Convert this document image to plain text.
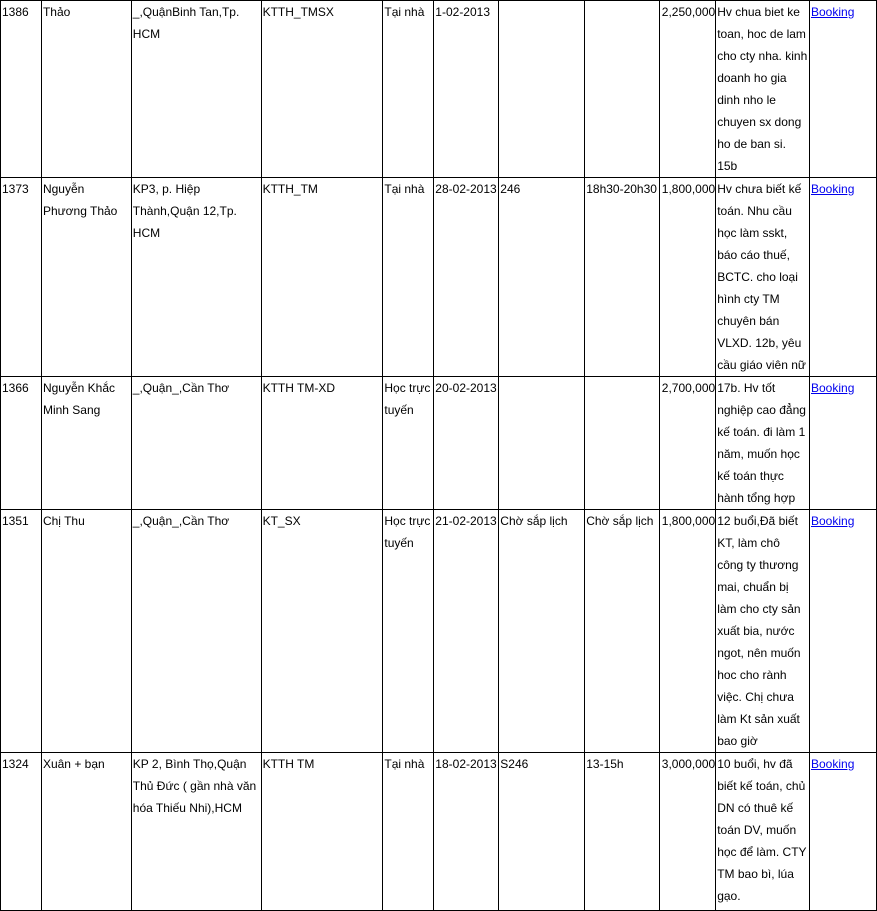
1386	Thảo	_,QuậnBinh Tan,Tp. HCM	KTTH_TMSX	Tại nhà	1-02-2013			2,250,000	Hv chua biet ke toan, hoc de lam cho cty nha. kinh doanh ho gia dinh nho le chuyen sx dong ho de ban si. 15b	Booking
1373	Nguyễn Phương Thảo	KP3, p. Hiệp Thành,Quận 12,Tp. HCM	KTTH_TM	Tại nhà	28-02-2013	246	18h30-20h30	1,800,000	Hv chưa biết kế toán. Nhu cầu học làm sskt, báo cáo thuế, BCTC. cho loại hình cty TM chuyên bán VLXD. 12b, yêu cầu giáo viên nữ	Booking
1366	Nguyễn Khắc Minh Sang	_,Quận_,Cần Thơ	KTTH TM-XD	Học trực tuyến	20-02-2013			2,700,000	17b. Hv tốt nghiệp cao đẳng kế toán. đi làm 1 năm, muốn học kế toán thực hành tổng hợp	Booking
1351	Chị Thu	_,Quận_,Cần Thơ	KT_SX	Học trực tuyến	21-02-2013	Chờ sắp lịch	Chờ sắp lịch	1,800,000	12 buổi,Đã biết KT, làm chô công ty thương mai, chuẩn bị làm cho cty sản xuất bia, nước ngot, nên muốn hoc cho rành việc. Chị chưa làm Kt sản xuất bao giờ	Booking
1324	Xuân + bạn	KP 2, Bình Thọ,Quận Thủ Đức ( gần nhà văn hóa Thiếu Nhi),HCM	KTTH TM	Tại nhà	18-02-2013	S246	13-15h	3,000,000	10 buổi, hv đã biết kế toán, chủ DN có thuê kế toán DV, muốn học để làm. CTY TM bao bì, lúa gạo.	Booking
